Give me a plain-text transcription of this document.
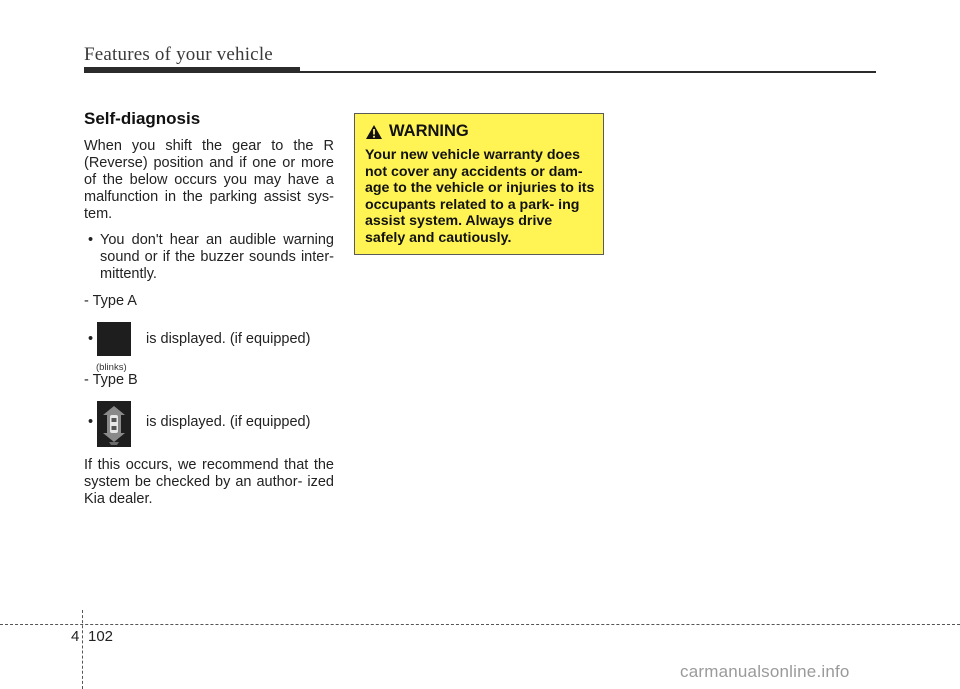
Features of your vehicle
Self-diagnosis

When you shift the gear to the R (Reverse) position and if one or more of the below occurs you may have a malfunction in the parking assist sys- tem.

• You don't hear an audible warning sound or if the buzzer sounds inter- mittently.
- Type A
•
(blinks)
is displayed. (if equipped)
- Type B
•	is displayed. (if equipped)

If this occurs, we recommend that the system be checked by an author- ized Kia dealer.

WARNING
Your new vehicle warranty does not cover any accidents or dam- age to the vehicle or injuries to its occupants related to a park- ing assist system. Always drive safely and cautiously.
4 102
carmanualsonline.info
